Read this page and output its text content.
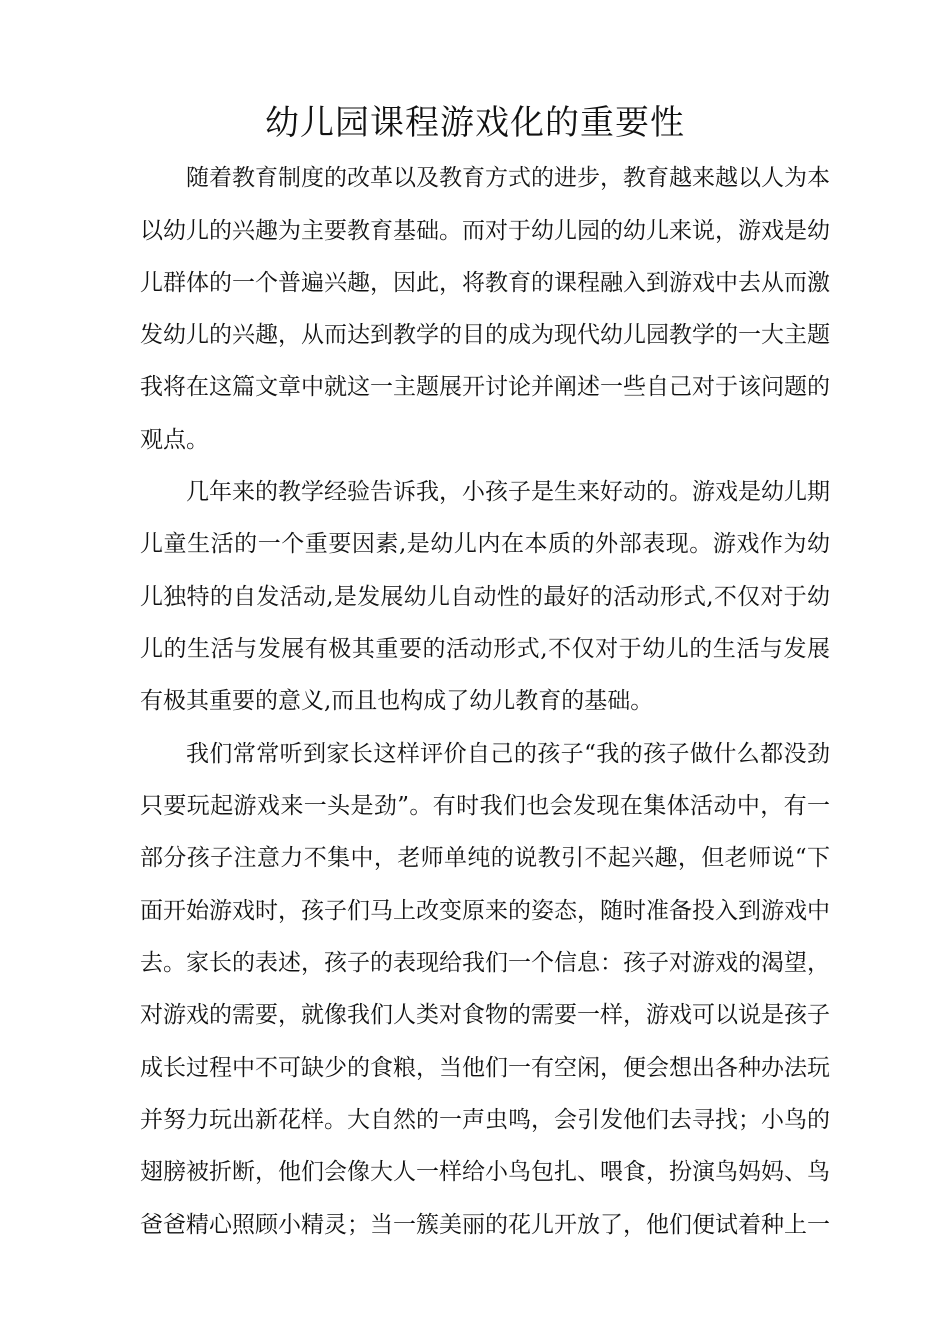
幼儿园课程游戏化的重要性
随着教育制度的改革以及教育方式的进步，教育越来越以人为本
以幼儿的兴趣为主要教育基础。而对于幼儿园的幼儿来说，游戏是幼
儿群体的一个普遍兴趣，因此，将教育的课程融入到游戏中去从而激
发幼儿的兴趣，从而达到教学的目的成为现代幼儿园教学的一大主题
我将在这篇文章中就这一主题展开讨论并阐述一些自己对于该问题的
观点。
几年来的教学经验告诉我，小孩子是生来好动的。游戏是幼儿期
儿童生活的一个重要因素,是幼儿内在本质的外部表现。游戏作为幼
儿独特的自发活动,是发展幼儿自动性的最好的活动形式,不仅对于幼
儿的生活与发展有极其重要的活动形式,不仅对于幼儿的生活与发展
有极其重要的意义,而且也构成了幼儿教育的基础。
我们常常听到家长这样评价自己的孩子“我的孩子做什么都没劲
只要玩起游戏来一头是劲”。有时我们也会发现在集体活动中，有一
部分孩子注意力不集中，老师单纯的说教引不起兴趣，但老师说“下
面开始游戏时，孩子们马上改变原来的姿态，随时准备投入到游戏中
去。家长的表述，孩子的表现给我们一个信息：孩子对游戏的渴望，
对游戏的需要，就像我们人类对食物的需要一样，游戏可以说是孩子
成长过程中不可缺少的食粮，当他们一有空闲，便会想出各种办法玩
并努力玩出新花样。大自然的一声虫鸣，会引发他们去寻找；小鸟的
翅膀被折断，他们会像大人一样给小鸟包扎、喂食，扮演鸟妈妈、鸟
爸爸精心照顾小精灵；当一簇美丽的花儿开放了，他们便试着种上一
